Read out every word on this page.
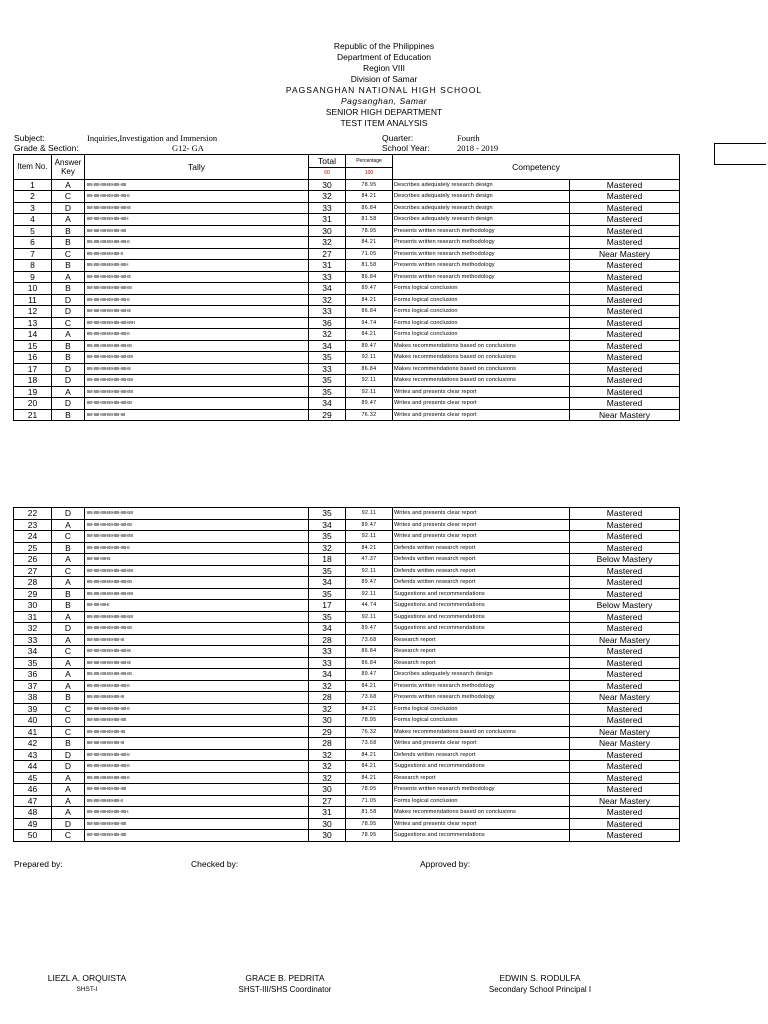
Republic of the Philippines
Department of Education
Region VIII
Division of Samar
PAGSANGHAN NATIONAL HIGH SCHOOL
Pagsanghan, Samar
SENIOR HIGH DEPARTMENT
TEST ITEM ANALYSIS
Subject:	Inquiries,Investigation and Immersion
Grade & Section:	G12- GA
Quarter:	Fourth
School Year:	2018 - 2019
Item No.	Answer Key	Tally	Total	Percentage	Competency	
			60	100		
1	A	IIIII-IIIII-IIIII-IIIII-IIIII-IIIII	30	78.95	Describes adequately research design	Mastered
2	C	IIIII-IIIII-IIIII-IIIII-IIIII-IIIII-II	32	84.21	Describes adequately research design	Mastered
3	D	IIIII-IIIII-IIIII-IIIII-IIIII-IIIII-III	33	86.84	Describes adequately research design	Mastered
4	A	IIIII-IIIII-IIIII-IIIII-IIIII-IIIII-I	31	81.58	Describes adequately research design	Mastered
5	B	IIIII-IIIII-IIIII-IIIII-IIIII-IIIII	30	78.95	Presents written research methodology	Mastered
6	B	IIIII-IIIII-IIIII-IIIII-IIIII-IIIII-II	32	84.21	Presents written research methodology	Mastered
7	C	IIIII-IIIII-IIIII-IIIII-IIIII-II	27	71.05	Presents written research methodology	Near Mastery
8	B	IIIII-IIIII-IIIII-IIIII-IIIII-IIIII-I	31	81.58	Presents written research methodology	Mastered
9	A	IIIII-IIIII-IIIII-IIIII-IIIII-IIIII-III	33	86.84	Presents written research methodology	Mastered
10	B	IIIII-IIIII-IIIII-IIIII-IIIII-IIIII-IIII	34	89.47	Forms logical conclusion	Mastered
11	D	IIIII-IIIII-IIIII-IIIII-IIIII-IIIII-II	32	84.21	Forms logical conclusion	Mastered
12	D	IIIII-IIIII-IIIII-IIIII-IIIII-IIIII-III	33	86.84	Forms logical conclusion	Mastered
13	C	IIIII-IIIII-IIIII-IIIII-IIIII-IIIII-IIIII-I	36	94.74	Forms logical conclusion	Mastered
14	A	IIIII-IIIII-IIIII-IIIII-IIIII-IIIII-II	32	84.21	Forms logical conclusion	Mastered
15	B	IIIII-IIIII-IIIII-IIIII-IIIII-IIIII-IIII	34	89.47	Makes recommendations based on conclusions	Mastered
16	B	IIIII-IIIII-IIIII-IIIII-IIIII-IIIII-IIIII	35	92.11	Makes recommendations based on conclusions	Mastered
17	D	IIIII-IIIII-IIIII-IIIII-IIIII-IIIII-III	33	86.84	Makes recommendations based on conclusions	Mastered
18	D	IIIII-IIIII-IIIII-IIIII-IIIII-IIIII-IIIII	35	92.11	Makes recommendations based on conclusions	Mastered
19	A	IIIII-IIIII-IIIII-IIIII-IIIII-IIIII-IIIII	35	92.11	Writes and presents clear report	Mastered
20	D	IIIII-IIIII-IIIII-IIIII-IIIII-IIIII-IIII	34	89.47	Writes and presents clear report	Mastered
21	B	IIIII-IIIII-IIIII-IIIII-IIIII-IIII	29	76.32	Writes and presents clear report	Near Mastery
22	D	IIIII-IIIII-IIIII-IIIII-IIIII-IIIII-IIIII	35	92.11	Writes and presents clear report	Mastered
23	A	IIIII-IIIII-IIIII-IIIII-IIIII-IIIII-IIII	34	89.47	Writes and presents clear report	Mastered
24	C	IIIII-IIIII-IIIII-IIIII-IIIII-IIIII-IIIII	35	92.11	Writes and presents clear report	Mastered
25	B	IIIII-IIIII-IIIII-IIIII-IIIII-IIIII-II	32	84.21	Defends written research report	Mastered
26	A	IIIII-IIIII-IIIII-III	18	47.37	Defends written research report	Below Mastery
27	C	IIIII-IIIII-IIIII-IIIII-IIIII-IIIII-IIIII	35	92.11	Defends written research report	Mastered
28	A	IIIII-IIIII-IIIII-IIIII-IIIII-IIIII-IIII	34	89.47	Defends written research report	Mastered
29	B	IIIII-IIIII-IIIII-IIIII-IIIII-IIIII-IIIII	35	92.11	Suggestions and recommendations	Mastered
30	B	IIIII-IIIII-IIIII-II	17	44.74	Suggestions and recommendations	Below Mastery
31	A	IIIII-IIIII-IIIII-IIIII-IIIII-IIIII-IIIII	35	92.11	Suggestions and recommendations	Mastered
32	D	IIIII-IIIII-IIIII-IIIII-IIIII-IIIII-IIII	34	89.47	Suggestions and recommendations	Mastered
33	A	IIIII-IIIII-IIIII-IIIII-IIIII-III	28	73.68	Research report	Near Mastery
34	C	IIIII-IIIII-IIIII-IIIII-IIIII-IIIII-III	33	86.84	Research report	Mastered
35	A	IIIII-IIIII-IIIII-IIIII-IIIII-IIIII-III	33	86.84	Research report	Mastered
36	A	IIIII-IIIII-IIIII-IIIII-IIIII-IIIII-IIII	34	89.47	Describes adequately research design	Mastered
37	A	IIIII-IIIII-IIIII-IIIII-IIIII-IIIII-II	32	84.21	Presents written research methodology	Mastered
38	B	IIIII-IIIII-IIIII-IIIII-IIIII-III	28	73.68	Presents written research methodology	Near Mastery
39	C	IIIII-IIIII-IIIII-IIIII-IIIII-IIIII-II	32	84.21	Forms logical conclusion	Mastered
40	C	IIIII-IIIII-IIIII-IIIII-IIIII-IIIII	30	78.95	Forms logical conclusion	Mastered
41	C	IIIII-IIIII-IIIII-IIIII-IIIII-IIII	29	76.32	Makes recommendations based on conclusions	Near Mastery
42	B	IIIII-IIIII-IIIII-IIIII-IIIII-III	28	73.68	Writes and presents clear report	Near Mastery
43	D	IIIII-IIIII-IIIII-IIIII-IIIII-IIIII-II	32	84.21	Defends written research report	Mastered
44	D	IIIII-IIIII-IIIII-IIIII-IIIII-IIIII-II	32	84.21	Suggestions and recommendations	Mastered
45	A	IIIII-IIIII-IIIII-IIIII-IIIII-IIIII-II	32	84.21	Research report	Mastered
46	A	IIIII-IIIII-IIIII-IIIII-IIIII-IIIII	30	78.95	Presents written research methodology	Mastered
47	A	IIIII-IIIII-IIIII-IIIII-IIIII-II	27	71.05	Forms logical conclusion	Near Mastery
48	A	IIIII-IIIII-IIIII-IIIII-IIIII-IIIII-I	31	81.58	Makes recommendations based on conclusions	Mastered
49	D	IIIII-IIIII-IIIII-IIIII-IIIII-IIIII	30	78.95	Writes and presents clear report	Mastered
50	C	IIIII-IIIII-IIIII-IIIII-IIIII-IIIII	30	78.95	Suggestions and recommendations	Mastered
Prepared by:	Checked by:	Approved by:
LIEZL A. ORQUISTA
SHST-I
GRACE B. PEDRITA
SHST-III/SHS Coordinator
EDWIN S. RODULFA
Secondary School Principal I
